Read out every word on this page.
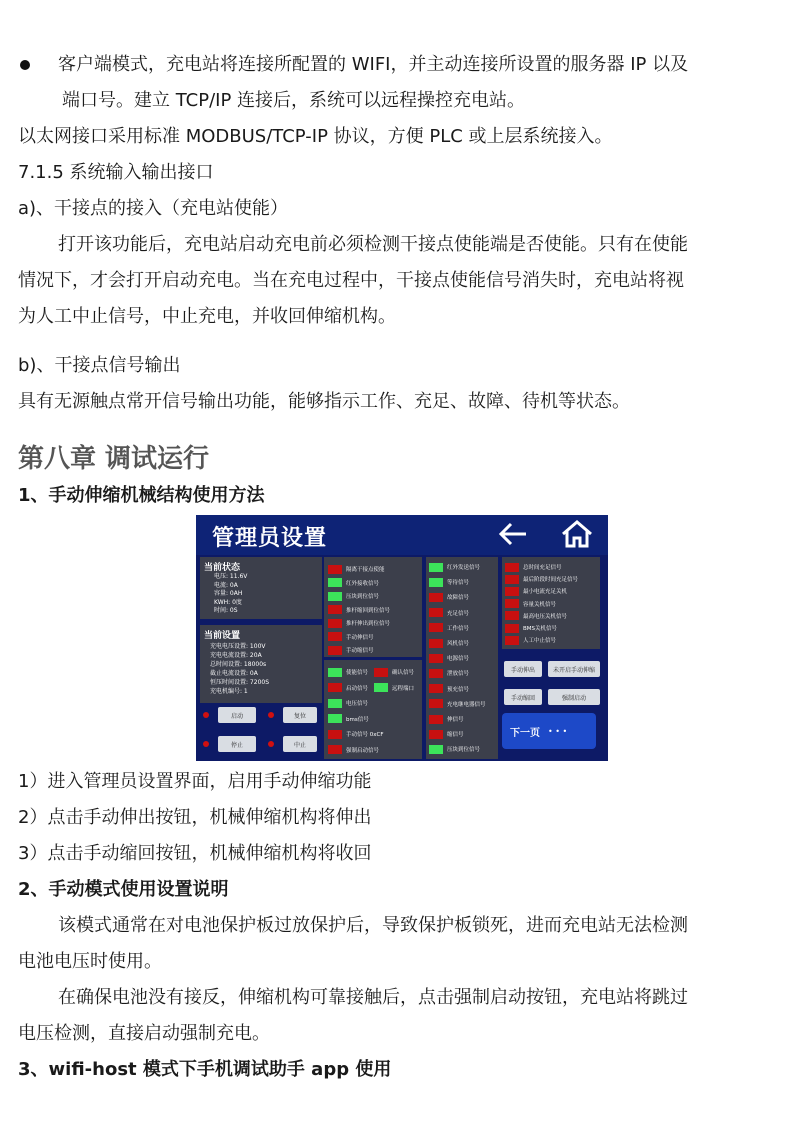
客户端模式，充电站将连接所配置的 WIFI，并主动连接所设置的服务器 IP 以及
端口号。建立 TCP/IP 连接后，系统可以远程操控充电站。
以太网接口采用标准 MODBUS/TCP-IP 协议，方便 PLC 或上层系统接入。
7.1.5 系统输入输出接口
a)、干接点的接入（充电站使能）
打开该功能后，充电站启动充电前必须检测干接点使能端是否使能。只有在使能
情况下，才会打开启动充电。当在充电过程中，干接点使能信号消失时，充电站将视
为人工中止信号，中止充电，并收回伸缩机构。
b)、干接点信号输出
具有无源触点常开信号输出功能，能够指示工作、充足、故障、待机等状态。
第八章 调试运行
1、手动伸缩机械结构使用方法
管理员设置
当前状态
当前设置
启动	复位
停止	中止
手动伸出	未开启手动伸缩
手动缩回	强制启动
下一页 • • •
电压: 11.6V
电流: 0A
容量: 0AH
KWH: 0度
时间: 0S
充电电压设置: 100V
充电电流设置: 20A
总时间设置: 18000s
截止电流设置: 0A
恒压时间设置: 7200S
充电机编号: 1
隔离干接点使能
红外接收信号
压块到位信号
推杆缩回到位信号
推杆伸出到位信号
手动伸信号
手动缩信号
使能信号	确认信号
启动信号	远程端口
电压信号
bms信号
手动信号 0xCF
强制启动信号
红外发送信号
等待信号
故障信号
充足信号
工作信号
风机信号
电源信号
泄放信号
预充信号
充电继电器信号
伸信号
缩信号
压块到位信号
总时间充足信号
最后阶段时间充足信号
最小电流充足关机
容量关机信号
最高电压关机信号
BMS关机信号
人工中止信号
1）进入管理员设置界面，启用手动伸缩功能
2）点击手动伸出按钮，机械伸缩机构将伸出
3）点击手动缩回按钮，机械伸缩机构将收回
2、手动模式使用设置说明
该模式通常在对电池保护板过放保护后，导致保护板锁死，进而充电站无法检测
电池电压时使用。
在确保电池没有接反，伸缩机构可靠接触后，点击强制启动按钮，充电站将跳过
电压检测，直接启动强制充电。
3、wifi-host 模式下手机调试助手 app 使用
